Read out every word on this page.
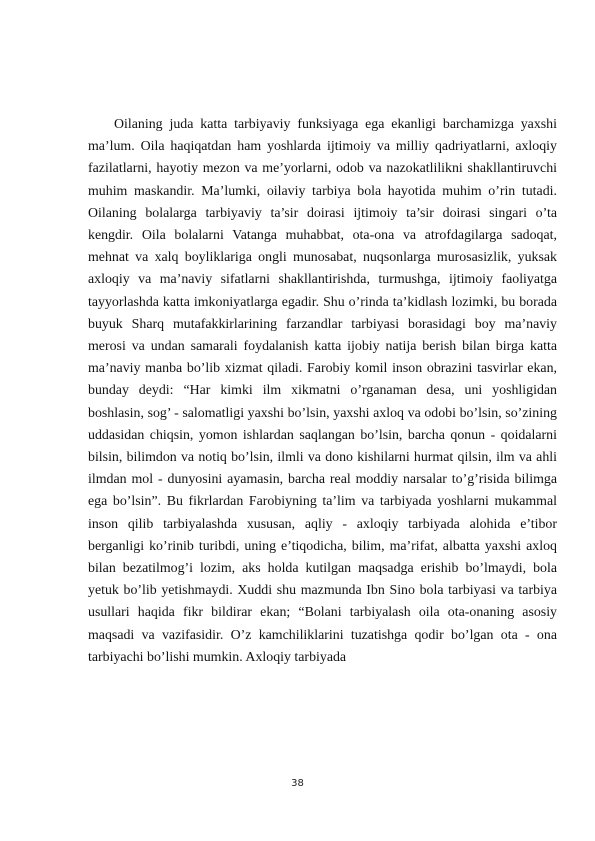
Oilaning juda katta tarbiyaviy funksiyaga ega ekanligi barchamizga yaxshi ma’lum. Oila haqiqatdan ham yoshlarda ijtimoiy va milliy qadriyatlarni, axloqiy fazilatlarni, hayotiy mezon va me’yorlarni, odob va nazokatlilikni shakllantiruvchi muhim maskandir. Ma’lumki, oilaviy tarbiya bola hayotida muhim o’rin tutadi. Oilaning bolalarga tarbiyaviy ta’sir doirasi ijtimoiy ta’sir doirasi singari o’ta kengdir. Oila bolalarni Vatanga muhabbat, ota-ona va atrofdagilarga sadoqat, mehnat va xalq boyliklariga ongli munosabat, nuqsonlarga murosasizlik, yuksak axloqiy va ma’naviy sifatlarni shakllantirishda, turmushga, ijtimoiy faoliyatga tayyorlashda katta imkoniyatlarga egadir. Shu o’rinda ta’kidlash lozimki, bu borada buyuk Sharq mutafakkirlarining farzandlar tarbiyasi borasidagi boy ma’naviy merosi va undan samarali foydalanish katta ijobiy natija berish bilan birga katta ma’naviy manba bo’lib xizmat qiladi. Farobiy komil inson obrazini tasvirlar ekan, bunday deydi: “Har kimki ilm xikmatni o’rganaman desa, uni yoshligidan boshlasin, sog’ - salomatligi yaxshi bo’lsin, yaxshi axloq va odobi bo’lsin, so’zining uddasidan chiqsin, yomon ishlardan saqlangan bo’lsin, barcha qonun - qoidalarni bilsin, bilimdon va notiq bo’lsin, ilmli va dono kishilarni hurmat qilsin, ilm va ahli ilmdan mol - dunyosini ayamasin, barcha real moddiy narsalar to’g’risida bilimga ega bo’lsin”. Bu fikrlardan Farobiyning ta’lim va tarbiyada yoshlarni mukammal inson qilib tarbiyalashda xususan, aqliy - axloqiy tarbiyada alohida e’tibor berganligi ko’rinib turibdi, uning e’tiqodicha, bilim, ma’rifat, albatta yaxshi axloq bilan bezatilmog’i lozim, aks holda kutilgan maqsadga erishib bo’lmaydi, bola yetuk bo’lib yetishmaydi. Xuddi shu mazmunda Ibn Sino bola tarbiyasi va tarbiya usullari haqida fikr bildirar ekan; “Bolani tarbiyalash oila ota-onaning asosiy maqsadi va vazifasidir. O’z kamchiliklarini tuzatishga qodir bo’lgan ota - ona tarbiyachi bo’lishi mumkin. Axloqiy tarbiyada

38
